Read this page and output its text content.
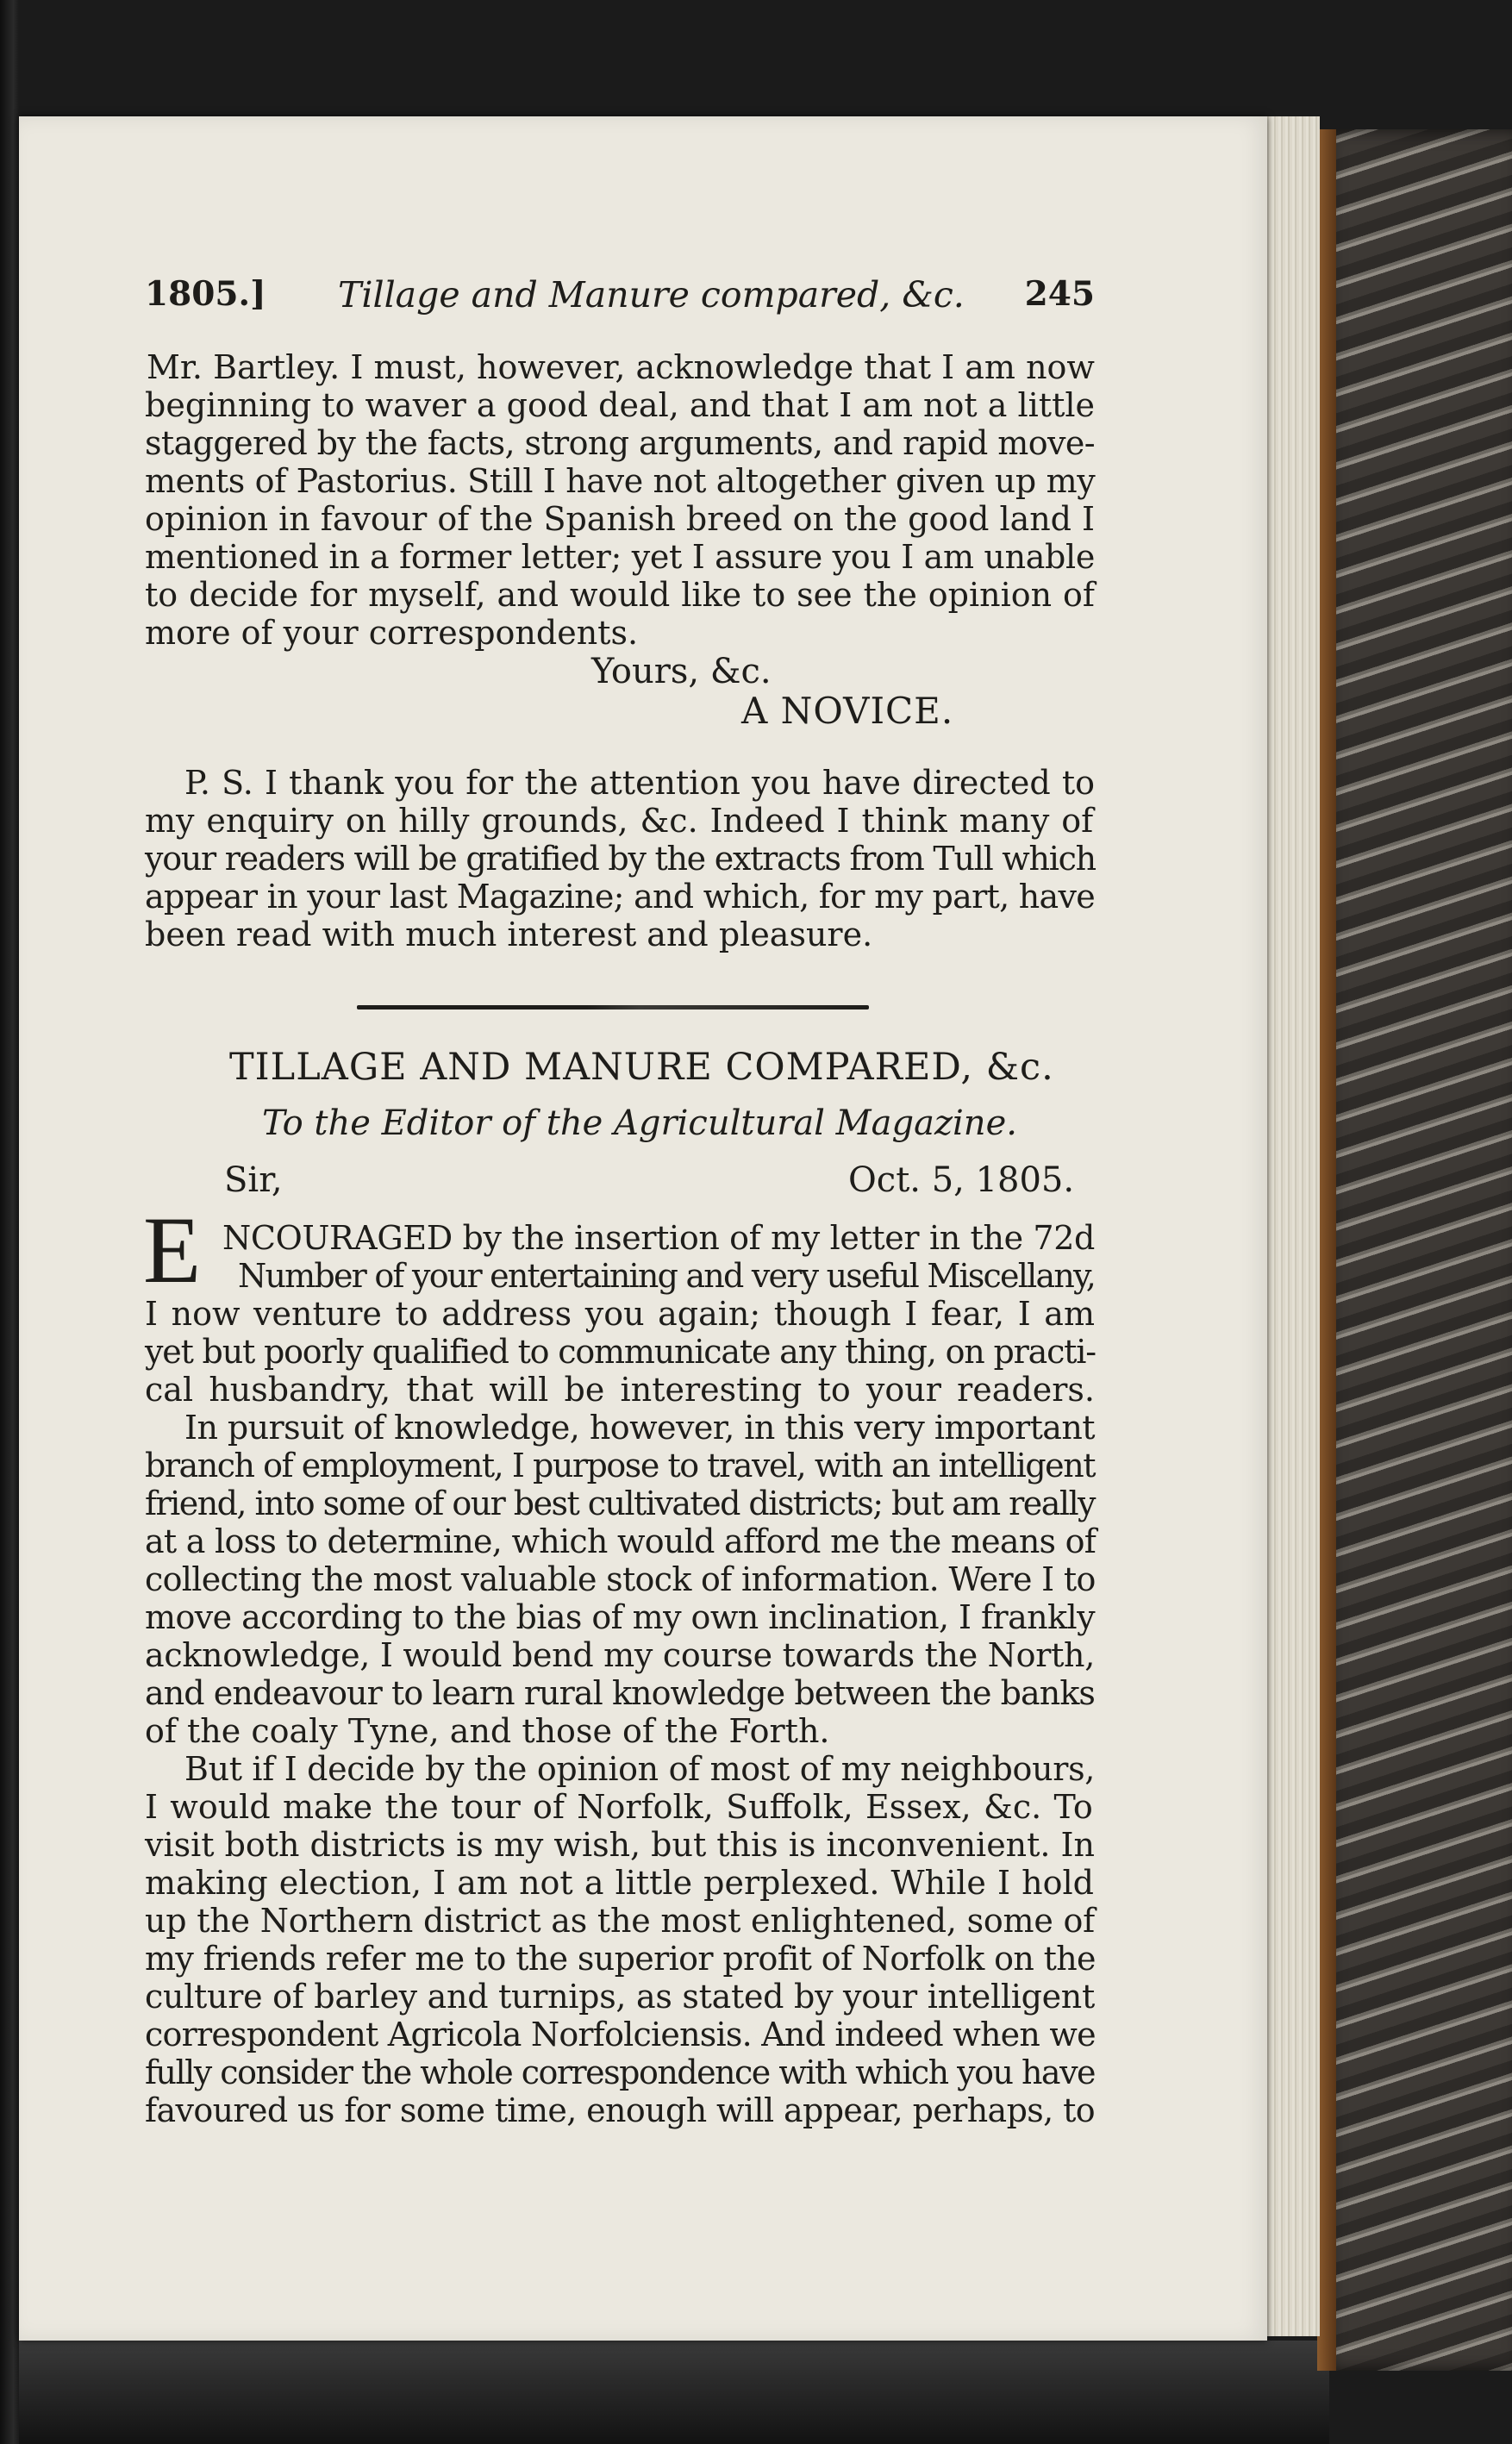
1805.] Tillage and Manure compared, &c. 245
Mr. Bartley. I must, however, acknowledge that I am now
beginning to waver a good deal, and that I am not a little
staggered by the facts, strong arguments, and rapid move-
ments of Pastorius. Still I have not altogether given up my
opinion in favour of the Spanish breed on the good land I
mentioned in a former letter; yet I assure you I am unable
to decide for myself, and would like to see the opinion of
more of your correspondents.
Yours, &c.
A NOVICE.
P. S. I thank you for the attention you have directed to
my enquiry on hilly grounds, &c. Indeed I think many of
your readers will be gratified by the extracts from Tull which
appear in your last Magazine; and which, for my part, have
been read with much interest and pleasure.
TILLAGE AND MANURE COMPARED, &c.
To the Editor of the Agricultural Magazine.
Sir,	Oct. 5, 1805.
E NCOURAGED by the insertion of my letter in the 72d
Number of your entertaining and very useful Miscellany,
I now venture to address you again; though I fear, I am
yet but poorly qualified to communicate any thing, on practi-
cal husbandry, that will be interesting to your readers.
In pursuit of knowledge, however, in this very important
branch of employment, I purpose to travel, with an intelligent
friend, into some of our best cultivated districts; but am really
at a loss to determine, which would afford me the means of
collecting the most valuable stock of information. Were I to
move according to the bias of my own inclination, I frankly
acknowledge, I would bend my course towards the North,
and endeavour to learn rural knowledge between the banks
of the coaly Tyne, and those of the Forth.
But if I decide by the opinion of most of my neighbours,
I would make the tour of Norfolk, Suffolk, Essex, &c. To
visit both districts is my wish, but this is inconvenient. In
making election, I am not a little perplexed. While I hold
up the Northern district as the most enlightened, some of
my friends refer me to the superior profit of Norfolk on the
culture of barley and turnips, as stated by your intelligent
correspondent Agricola Norfolciensis. And indeed when we
fully consider the whole correspondence with which you have
favoured us for some time, enough will appear, perhaps, to
